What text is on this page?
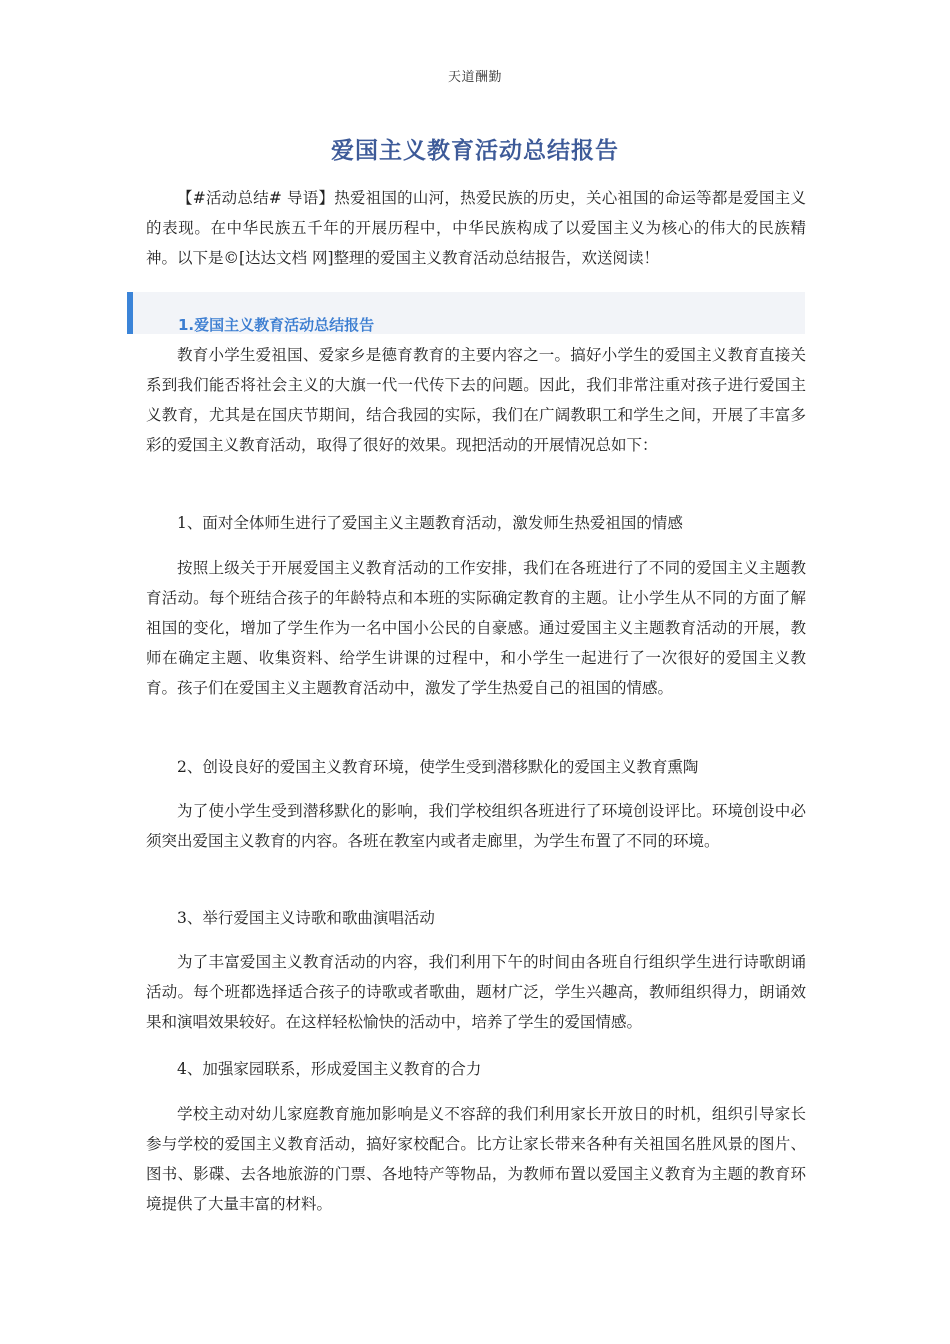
天道酬勤
爱国主义教育活动总结报告

【#活动总结# 导语】热爱祖国的山河，热爱民族的历史，关心祖国的命运等都是爱国主义的表现。在中华民族五千年的开展历程中，中华民族构成了以爱国主义为核心的伟大的民族精神。以下是©[达达文档 网]整理的爱国主义教育活动总结报告，欢送阅读！

1.爱国主义教育活动总结报告

教育小学生爱祖国、爱家乡是德育教育的主要内容之一。搞好小学生的爱国主义教育直接关系到我们能否将社会主义的大旗一代一代传下去的问题。因此，我们非常注重对孩子进行爱国主义教育，尤其是在国庆节期间，结合我园的实际，我们在广阔教职工和学生之间，开展了丰富多彩的爱国主义教育活动，取得了很好的效果。现把活动的开展情况总如下：

1、面对全体师生进行了爱国主义主题教育活动，激发师生热爱祖国的情感

按照上级关于开展爱国主义教育活动的工作安排，我们在各班进行了不同的爱国主义主题教育活动。每个班结合孩子的年龄特点和本班的实际确定教育的主题。让小学生从不同的方面了解祖国的变化，增加了学生作为一名中国小公民的自豪感。通过爱国主义主题教育活动的开展，教师在确定主题、收集资料、给学生讲课的过程中，和小学生一起进行了一次很好的爱国主义教育。孩子们在爱国主义主题教育活动中，激发了学生热爱自己的祖国的情感。

2、创设良好的爱国主义教育环境，使学生受到潜移默化的爱国主义教育熏陶

为了使小学生受到潜移默化的影响，我们学校组织各班进行了环境创设评比。环境创设中必须突出爱国主义教育的内容。各班在教室内或者走廊里，为学生布置了不同的环境。

3、举行爱国主义诗歌和歌曲演唱活动

为了丰富爱国主义教育活动的内容，我们利用下午的时间由各班自行组织学生进行诗歌朗诵活动。每个班都选择适合孩子的诗歌或者歌曲，题材广泛，学生兴趣高，教师组织得力，朗诵效果和演唱效果较好。在这样轻松愉快的活动中，培养了学生的爱国情感。

4、加强家园联系，形成爱国主义教育的合力

学校主动对幼儿家庭教育施加影响是义不容辞的我们利用家长开放日的时机，组织引导家长参与学校的爱国主义教育活动，搞好家校配合。比方让家长带来各种有关祖国名胜风景的图片、图书、影碟、去各地旅游的门票、各地特产等物品，为教师布置以爱国主义教育为主题的教育环境提供了大量丰富的材料。
